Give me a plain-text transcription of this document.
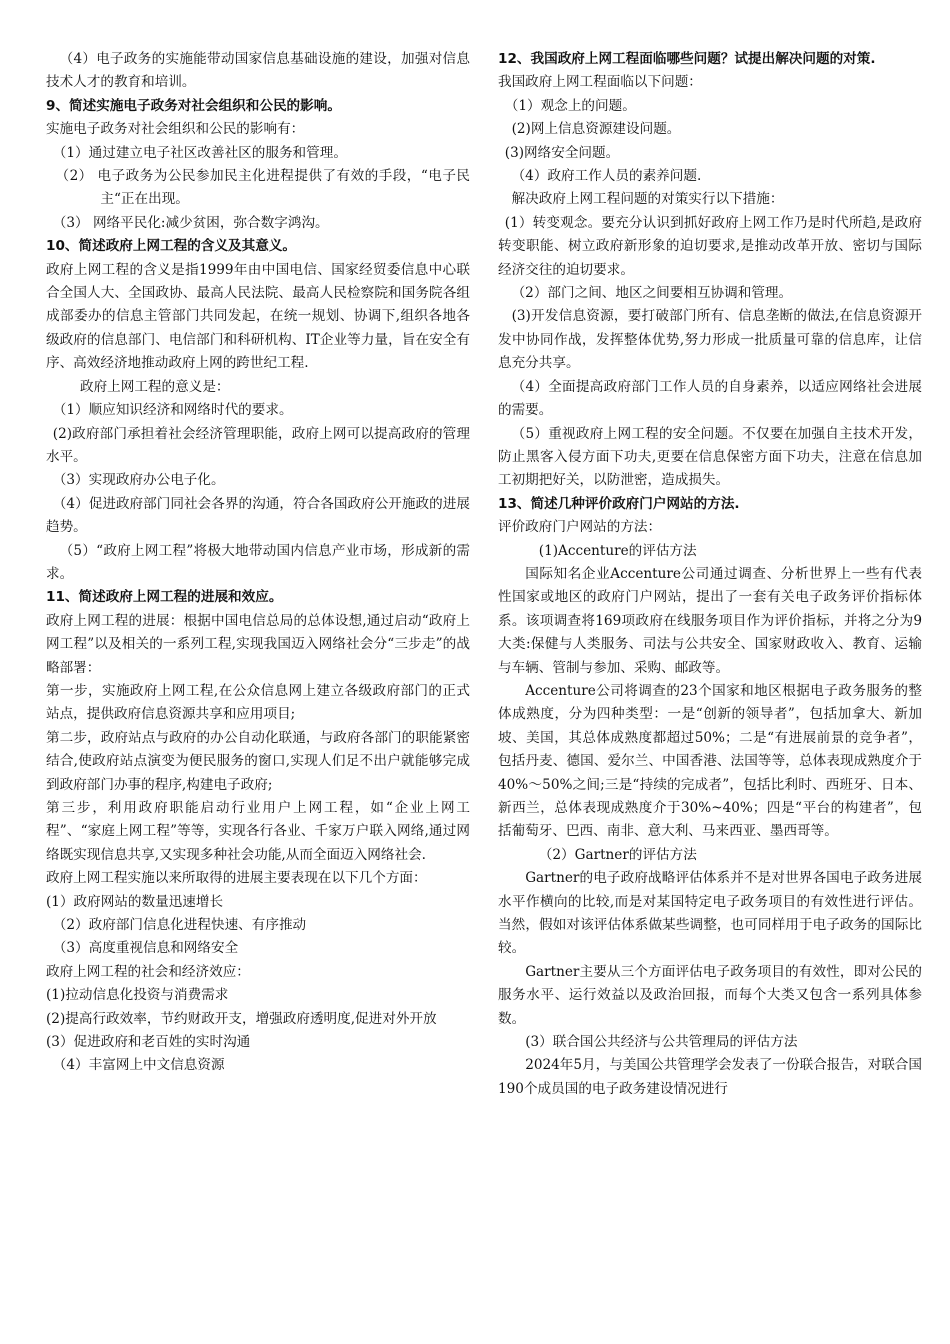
（4）电子政务的实施能带动国家信息基础设施的建设，加强对信息技术人才的教育和培训。

9、简述实施电子政务对社会组织和公民的影响。

实施电子政务对社会组织和公民的影响有：

（1）通过建立电子社区改善社区的服务和管理。

（2） 电子政务为公民参加民主化进程提供了有效的手段，“电子民主“正在出现。

（3） 网络平民化:减少贫困，弥合数字鸿沟。

10、简述政府上网工程的含义及其意义。

政府上网工程的含义是指1999年由中国电信、国家经贸委信息中心联合全国人大、全国政协、最高人民法院、最高人民检察院和国务院各组成部委办的信息主管部门共同发起，在统一规划、协调下,组织各地各级政府的信息部门、电信部门和科研机构、IT企业等力量，旨在安全有序、高效经济地推动政府上网的跨世纪工程.

政府上网工程的意义是：

（1）顺应知识经济和网络时代的要求。

(2)政府部门承担着社会经济管理职能，政府上网可以提高政府的管理水平。

（3）实现政府办公电子化。

（4）促进政府部门同社会各界的沟通，符合各国政府公开施政的进展趋势。

（5）“政府上网工程”将极大地带动国内信息产业市场，形成新的需求。

11、简述政府上网工程的进展和效应。

政府上网工程的进展：根据中国电信总局的总体设想,通过启动“政府上网工程”以及相关的一系列工程,实现我国迈入网络社会分“三步走”的战略部署：

第一步，实施政府上网工程,在公众信息网上建立各级政府部门的正式站点，提供政府信息资源共享和应用项目;

第二步，政府站点与政府的办公自动化联通，与政府各部门的职能紧密结合,使政府站点演变为便民服务的窗口,实现人们足不出户就能够完成到政府部门办事的程序,构建电子政府;

第三步，利用政府职能启动行业用户上网工程，如“企业上网工程”、“家庭上网工程”等等，实现各行各业、千家万户联入网络,通过网络既实现信息共享,又实现多种社会功能,从而全面迈入网络社会.

政府上网工程实施以来所取得的进展主要表现在以下几个方面：

(1）政府网站的数量迅速增长

（2）政府部门信息化进程快速、有序推动

（3）高度重视信息和网络安全

政府上网工程的社会和经济效应：

(1)拉动信息化投资与消费需求

(2)提高行政效率，节约财政开支，增强政府透明度,促进对外开放

(3）促进政府和老百姓的实时沟通

（4）丰富网上中文信息资源

12、我国政府上网工程面临哪些问题？试提出解决问题的对策.

我国政府上网工程面临以下问题：

（1）观念上的问题。

(2)网上信息资源建设问题。

(3)网络安全问题。

（4）政府工作人员的素养问题.

解决政府上网工程问题的对策实行以下措施：

(1）转变观念。要充分认识到抓好政府上网工作乃是时代所趋,是政府转变职能、树立政府新形象的迫切要求,是推动改革开放、密切与国际经济交往的迫切要求。

（2）部门之间、地区之间要相互协调和管理。

(3)开发信息资源，要打破部门所有、信息垄断的做法,在信息资源开发中协同作战，发挥整体优势,努力形成一批质量可靠的信息库，让信息充分共享。

（4）全面提高政府部门工作人员的自身素养，以适应网络社会进展的需要。

（5）重视政府上网工程的安全问题。不仅要在加强自主技术开发，防止黑客入侵方面下功夫,更要在信息保密方面下功夫，注意在信息加工初期把好关，以防泄密，造成损失。

13、简述几种评价政府门户网站的方法.

评价政府门户网站的方法：

(1)Accenture的评估方法

国际知名企业Accenture公司通过调查、分析世界上一些有代表性国家或地区的政府门户网站，提出了一套有关电子政务评价指标体系。该项调查将169项政府在线服务项目作为评价指标，并将之分为9大类:保健与人类服务、司法与公共安全、国家财政收入、教育、运输与车辆、管制与参加、采购、邮政等。

Accenture公司将调查的23个国家和地区根据电子政务服务的整体成熟度，分为四种类型：一是“创新的领导者”，包括加拿大、新加坡、美国，其总体成熟度都超过50%；二是“有进展前景的竞争者”，包括丹麦、德国、爱尔兰、中国香港、法国等等，总体表现成熟度介于40%～50%之间;三是“持续的完成者”，包括比利时、西班牙、日本、新西兰，总体表现成熟度介于30%~40%；四是“平台的构建者”，包括葡萄牙、巴西、南非、意大利、马来西亚、墨西哥等。

（2）Gartner的评估方法

Gartner的电子政府战略评估体系并不是对世界各国电子政务进展水平作横向的比较,而是对某国特定电子政务项目的有效性进行评估。当然，假如对该评估体系做某些调整，也可同样用于电子政务的国际比较。

Gartner主要从三个方面评估电子政务项目的有效性，即对公民的服务水平、运行效益以及政治回报，而每个大类又包含一系列具体参数。

(3）联合国公共经济与公共管理局的评估方法

2024年5月，与美国公共管理学会发表了一份联合报告，对联合国190个成员国的电子政务建设情况进行
